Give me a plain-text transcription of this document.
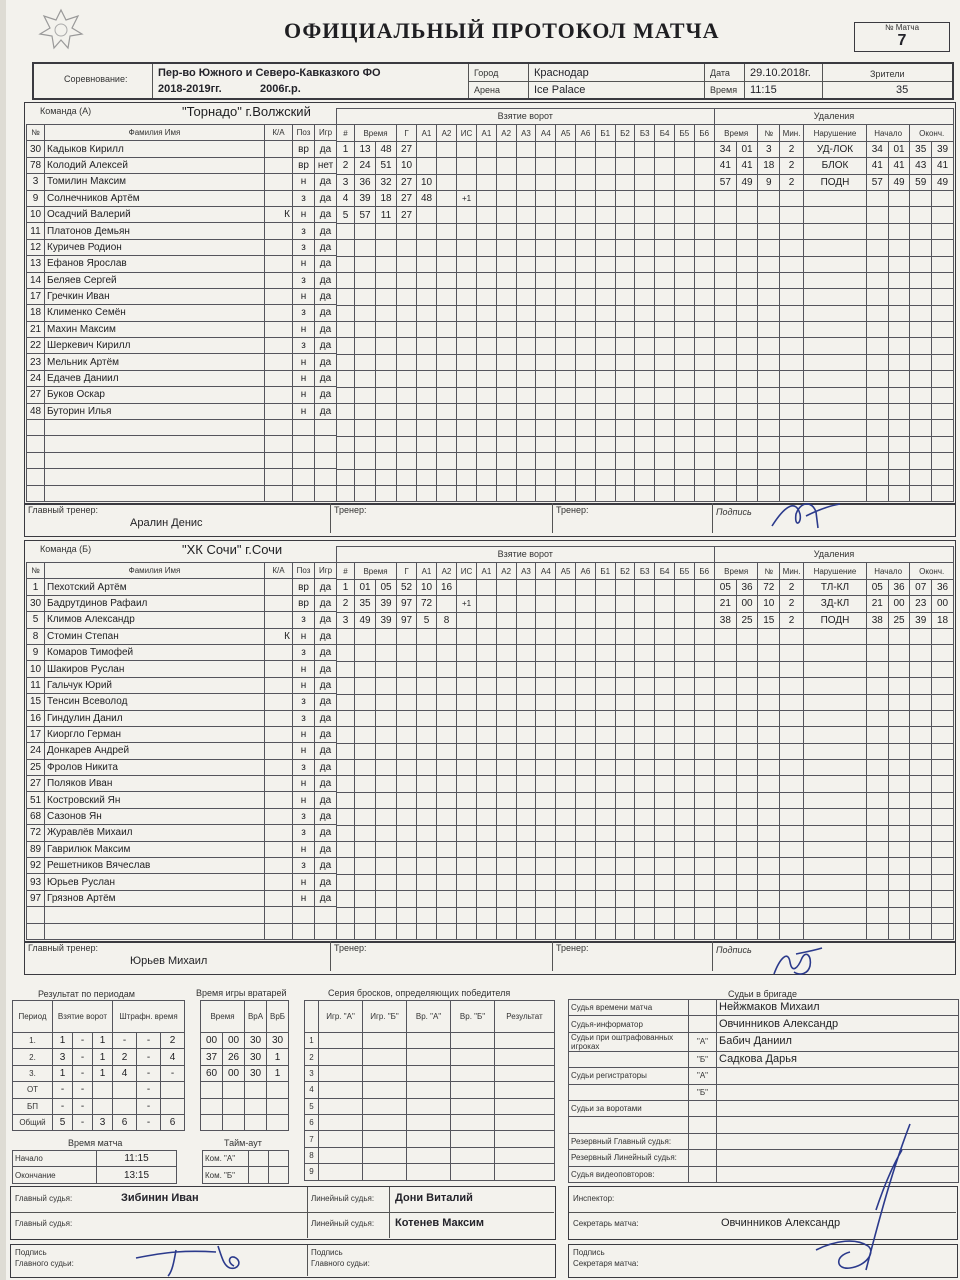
ОФИЦИАЛЬНЫЙ ПРОТОКОЛ МАТЧА	№ Матча
7
Соревнование:	Пер-во Южного и Северо-Кавказкого ФО
2018-2019гг.	2006г.р.
Город	Краснодар
Арена	Ice Palace
Дата 29.10.2018г.
Время 11:15
Зрители
35
Команда (А)	"Торнадо" г.Волжский
№	Фамилия Имя	К/А	Поз	Игр
30	Кадыков Кирилл		вр	да
78	Колодий Алексей		вр	нет
3	Томилин Максим		н	да
9	Солнечников Артём		з	да
10	Осадчий Валерий	К	н	да
11	Платонов Демьян		з	да
12	Куричев Родион		з	да
13	Ефанов Ярослав		н	да
14	Беляев Сергей		з	да
17	Гречкин Иван		н	да
18	Клименко Семён		з	да
21	Махин Максим		н	да
22	Шеркевич Кирилл		з	да
23	Мельник Артём		н	да
24	Едачев Даниил		н	да
27	Буков Оскар		н	да
48	Буторин Илья		н	да

Взятие ворот																		
#	Время		Г	А1	А2	ИС	А1	А2	А3	А4	А5	А6	Б1	Б2	Б3	Б4	Б5	Б6
1	13	48	27															
2	24	51	10															
3	36	32	27	10														
4	39	18	27	48		+1												
5	57	11	27															

Удаления								
Время		№	Мин.	Нарушение	Начало		Оконч.	
34	01	3	2	УД-ЛОК	34	01	35	39
41	41	18	2	БЛОК	41	41	43	41
57	49	9	2	ПОДН	57	49	59	49

Главный тренер:
Аралин Денис
Тренер:	Тренер:	Подпись
Команда (Б)	"ХК Сочи" г.Сочи
№	Фамилия Имя	К/А	Поз	Игр
1	Пехотский Артём		вр	да
30	Бадрутдинов Рафаил		вр	да
5	Климов Александр		з	да
8	Стомин Степан	К	н	да
9	Комаров Тимофей		з	да
10	Шакиров Руслан		н	да
11	Гальчук Юрий		н	да
15	Тенсин Всеволод		з	да
16	Гиндулин Данил		з	да
17	Киоргло Герман		н	да
24	Донкарев Андрей		н	да
25	Фролов Никита		з	да
27	Поляков Иван		н	да
51	Костровский Ян		н	да
68	Сазонов Ян		з	да
72	Журавлёв Михаил		з	да
89	Гаврилюк Максим		н	да
92	Решетников Вячеслав		з	да
93	Юрьев Руслан		н	да
97	Грязнов Артём		н	да

Взятие ворот																		
#	Время		Г	А1	А2	ИС	А1	А2	А3	А4	А5	А6	Б1	Б2	Б3	Б4	Б5	Б6
1	01	05	52	10	16													
2	35	39	97	72		+1												
3	49	39	97	5	8													

Удаления								
Время		№	Мин.	Нарушение	Начало		Оконч.	
05	36	72	2	ТЛ-КЛ	05	36	07	36
21	00	10	2	ЗД-КЛ	21	00	23	00
38	25	15	2	ПОДН	38	25	39	18

Главный тренер:
Юрьев Михаил
Тренер:	Тренер:	Подпись
Результат по периодам
Период	Взятие ворот			Штрафн. время		
1.	1	-	1	-	-	2
2.	3	-	1	2	-	4
3.	1	-	1	4	-	-
ОТ	-	-			-	
БП	-	-			-	
Общий	5	-	3	6	-	6
Время игры вратарей
Время		ВрА	ВрБ
00	00	30	30
37	26	30	1
60	00	30	1

Серия бросков, определяющих победителя
	Игр. "А"	Игр. "Б"	Вр. "А"	Вр. "Б"	Результат
1					
2					
3					
4					
5					
6					
7					
8					
9					
Время матча
Начало	11:15
Окончание	13:15
Тайм-аут
Ком. "А"		
Ком. "Б"		
Судьи в бригаде
Судья времени матча		Нейжмаков Михаил
Судья-информатор		Овчинников Александр
Судьи при оштрафованных игроках	"А"	Бабич Даниил
	"Б"	Садкова Дарья
Судьи регистраторы	"А"	
	"Б"	
Судьи за воротами		

Резервный Главный судья:		
Резервный Линейный судья:		
Судья видеоповторов:		
Главный судья:	Зибинин Иван
Главный судья:
Линейный судья: Дони Виталий
Линейный судья: Котенев Максим
Инспектор:
Секретарь матча:	Овчинников Александр
Подпись
Главного судьи:
Подпись
Главного судьи:
Подпись
Секретаря матча:
